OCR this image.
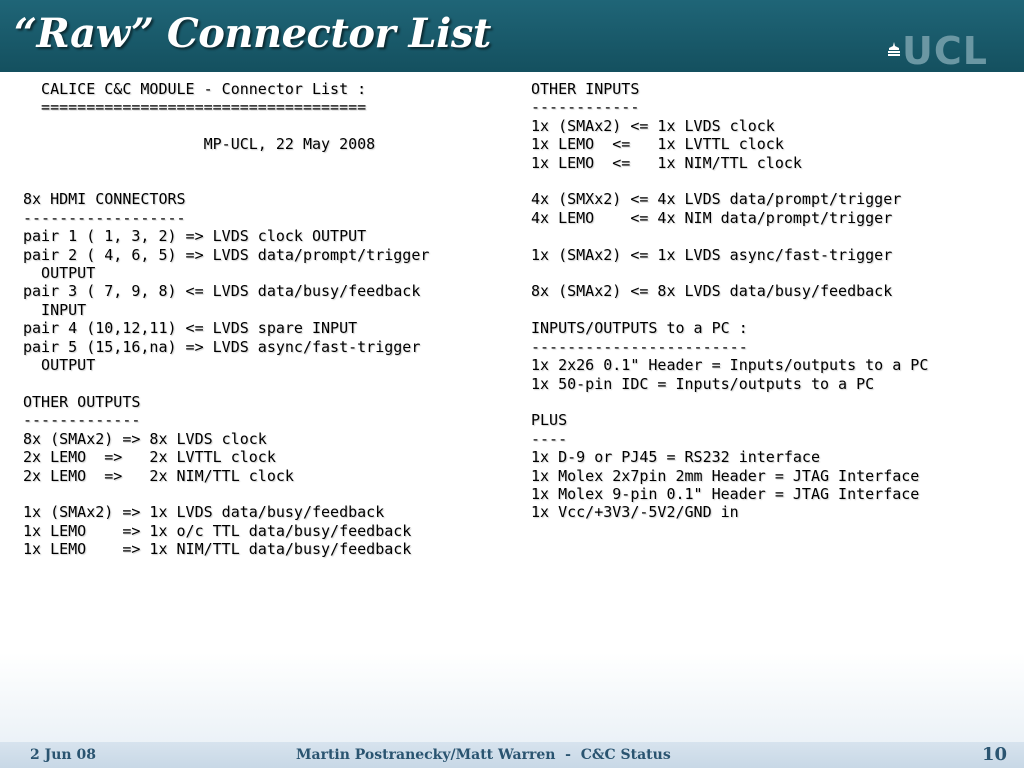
“Raw” Connector List	UCL
CALICE C&C MODULE - Connector List :
====================================

MP-UCL, 22 May 2008

8x HDMI CONNECTORS
------------------
pair 1 ( 1, 3, 2) => LVDS clock OUTPUT
pair 2 ( 4, 6, 5) => LVDS data/prompt/trigger
OUTPUT
pair 3 ( 7, 9, 8) <= LVDS data/busy/feedback
INPUT
pair 4 (10,12,11) <= LVDS spare INPUT
pair 5 (15,16,na) => LVDS async/fast-trigger
OUTPUT

OTHER OUTPUTS
-------------
8x (SMAx2) => 8x LVDS clock
2x LEMO  =>   2x LVTTL clock
2x LEMO  =>   2x NIM/TTL clock

1x (SMAx2) => 1x LVDS data/busy/feedback
1x LEMO    => 1x o/c TTL data/busy/feedback
1x LEMO    => 1x NIM/TTL data/busy/feedback
OTHER INPUTS
------------
1x (SMAx2) <= 1x LVDS clock
1x LEMO  <=   1x LVTTL clock
1x LEMO  <=   1x NIM/TTL clock

4x (SMXx2) <= 4x LVDS data/prompt/trigger
4x LEMO    <= 4x NIM data/prompt/trigger

1x (SMAx2) <= 1x LVDS async/fast-trigger

8x (SMAx2) <= 8x LVDS data/busy/feedback

INPUTS/OUTPUTS to a PC :
------------------------
1x 2x26 0.1" Header = Inputs/outputs to a PC
1x 50-pin IDC = Inputs/outputs to a PC

PLUS
----
1x D-9 or PJ45 = RS232 interface
1x Molex 2x7pin 2mm Header = JTAG Interface
1x Molex 9-pin 0.1" Header = JTAG Interface
1x Vcc/+3V3/-5V2/GND in
2 Jun 08	Martin Postranecky/Matt Warren  -  C&C Status	10
